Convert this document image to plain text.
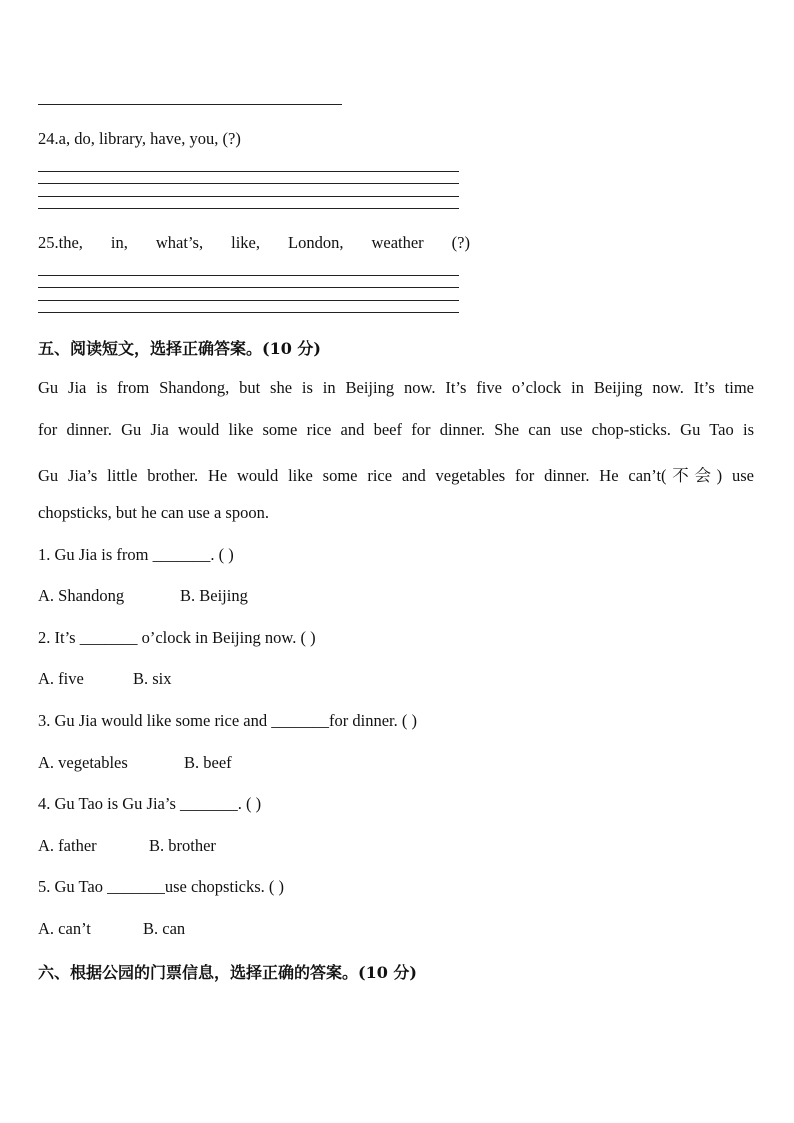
24.a, do, library, have, you, (?)
25.the, in, what’s, like, London, weather (?)
五、阅读短文，选择正确答案。(10 分)
Gu Jia is from Shandong, but she is in Beijing now. It’s five o’clock in Beijing now. It’s time
for dinner. Gu Jia would like some rice and beef for dinner. She can use chop-sticks. Gu Tao is
Gu Jia’s little brother. He would like some rice and vegetables for dinner. He can’t(不会) use
chopsticks, but he can use a spoon.
1. Gu Jia is from _______. ( )
A. Shandong	B. Beijing
2. It’s _______ o’clock in Beijing now. ( )
A. five	B. six
3. Gu Jia would like some rice and _______for dinner. ( )
A. vegetables	B. beef
4. Gu Tao is Gu Jia’s _______. ( )
A. father	B. brother
5. Gu Tao _______use chopsticks. ( )
A. can’t	B. can
六、根据公园的门票信息，选择正确的答案。(10 分)
